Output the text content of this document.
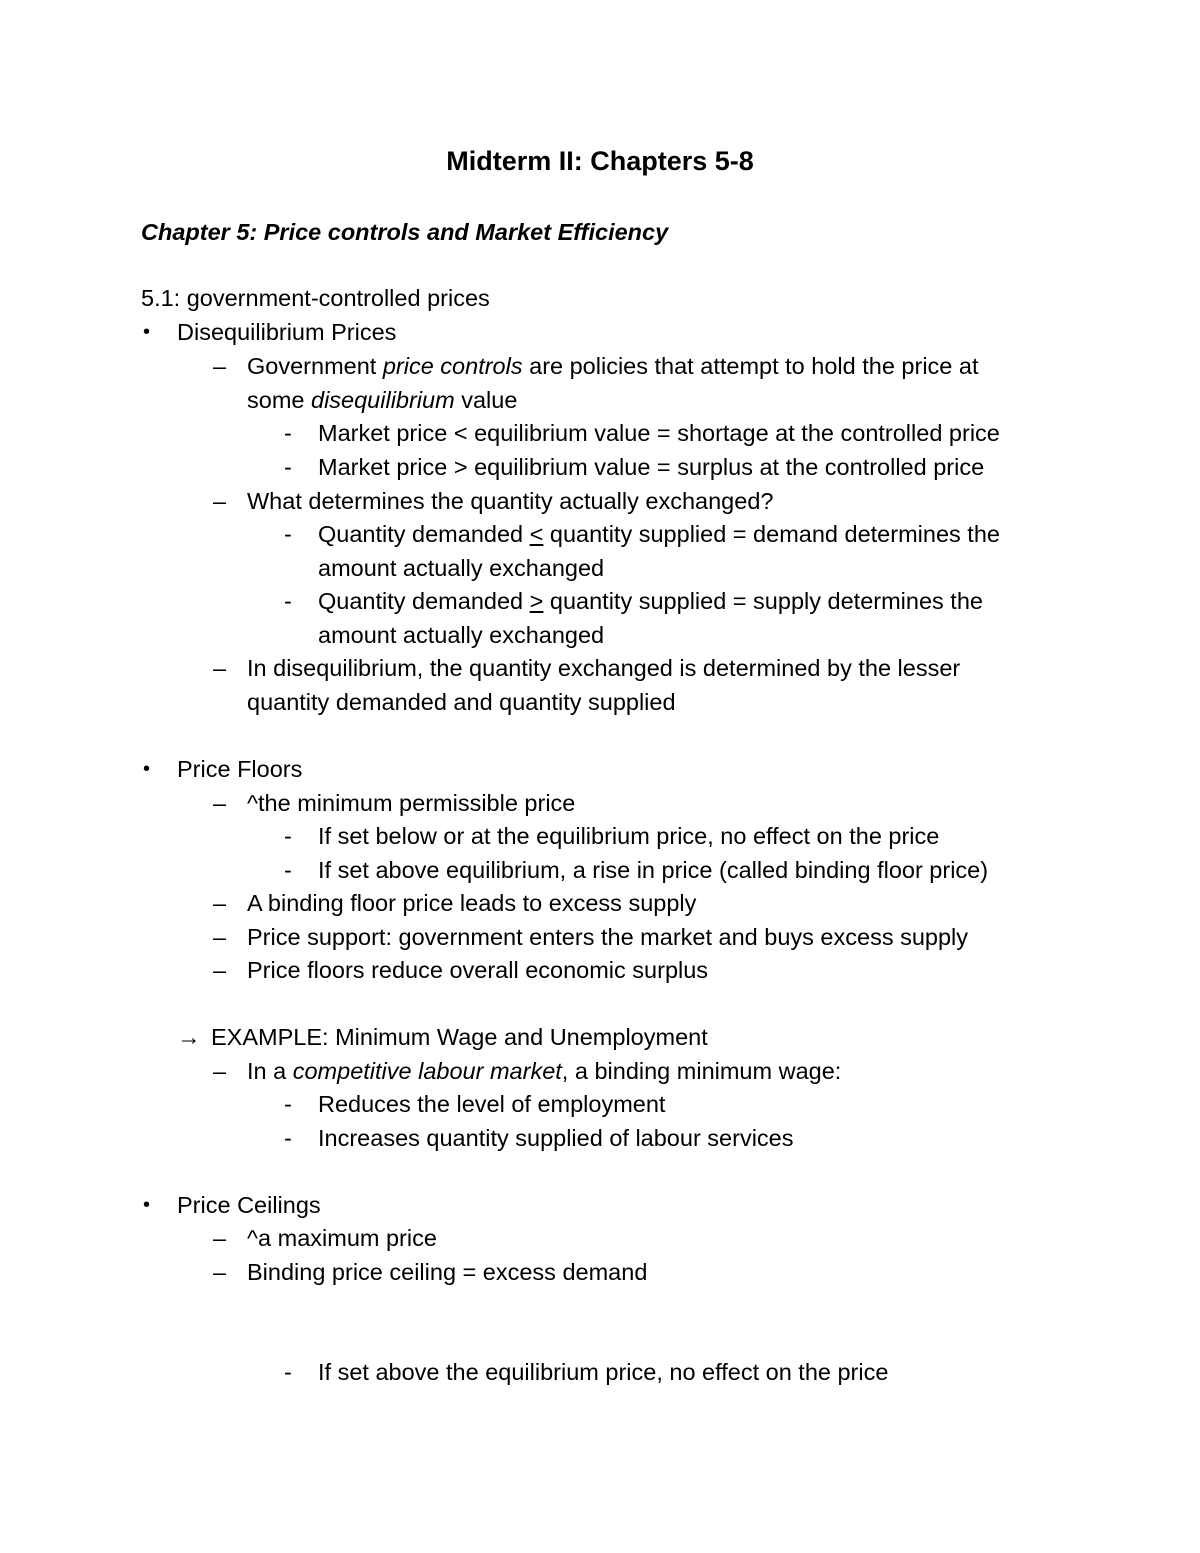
Midterm II: Chapters 5-8
Chapter 5: Price controls and Market Efficiency
5.1: government-controlled prices
• Disequilibrium Prices
– Government price controls are policies that attempt to hold the price at
some disequilibrium value
- Market price < equilibrium value = shortage at the controlled price
- Market price > equilibrium value = surplus at the controlled price
– What determines the quantity actually exchanged?
- Quantity demanded < quantity supplied = demand determines the
amount actually exchanged
- Quantity demanded > quantity supplied = supply determines the
amount actually exchanged
– In disequilibrium, the quantity exchanged is determined by the lesser
quantity demanded and quantity supplied
• Price Floors
– ^the minimum permissible price
- If set below or at the equilibrium price, no effect on the price
- If set above equilibrium, a rise in price (called binding floor price)
– A binding floor price leads to excess supply
– Price support: government enters the market and buys excess supply
– Price floors reduce overall economic surplus
→ EXAMPLE: Minimum Wage and Unemployment
– In a competitive labour market, a binding minimum wage:
- Reduces the level of employment
- Increases quantity supplied of labour services
• Price Ceilings
– ^a maximum price
– Binding price ceiling = excess demand
- If set above the equilibrium price, no effect on the price
